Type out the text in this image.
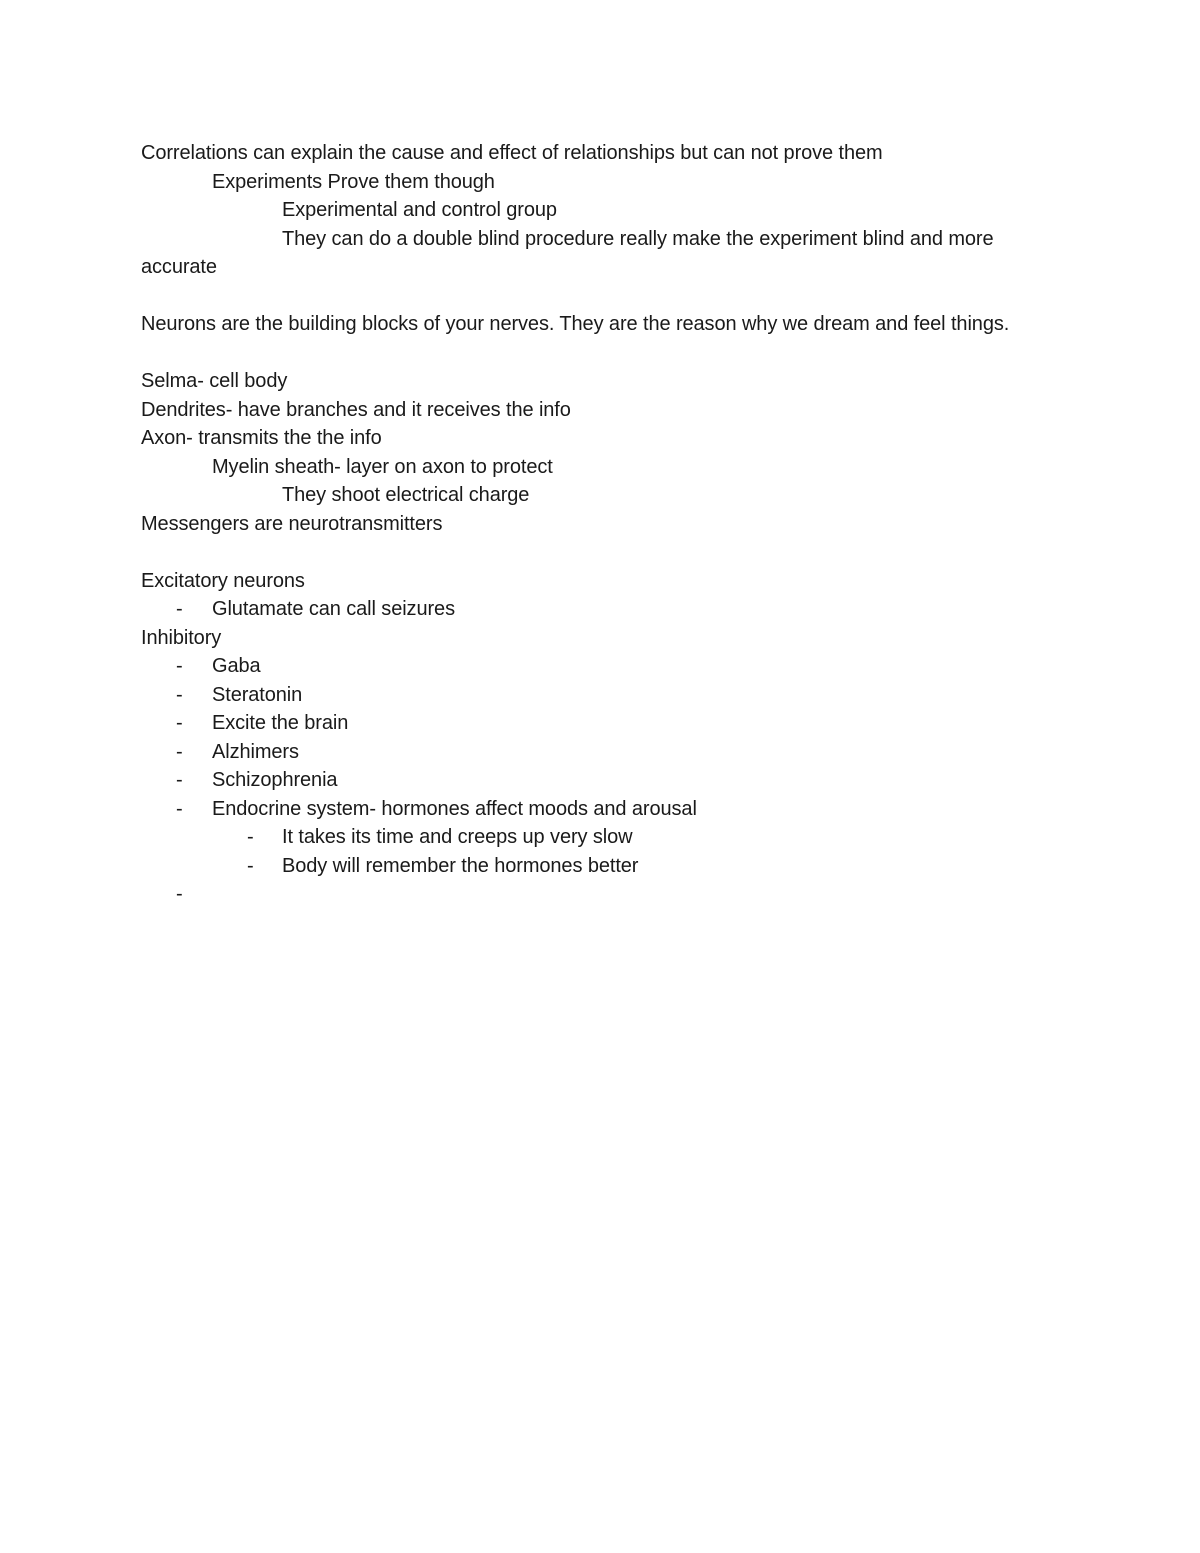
Correlations can explain the cause and effect of relationships but can not prove them
Experiments Prove them though
Experimental and control group
They can do a double blind procedure really make the experiment blind and more accurate
Neurons are the building blocks of your nerves. They are the reason why we dream and feel things.
Selma- cell body
Dendrites- have branches and it receives the info
Axon- transmits the the info
Myelin sheath- layer on axon to protect
They shoot electrical charge
Messengers are neurotransmitters
Excitatory neurons
- Glutamate can call seizures
Inhibitory
- Gaba
- Steratonin
- Excite the brain
- Alzhimers
- Schizophrenia
- Endocrine system- hormones affect moods and arousal
- It takes its time and creeps up very slow
- Body will remember the hormones better
-
